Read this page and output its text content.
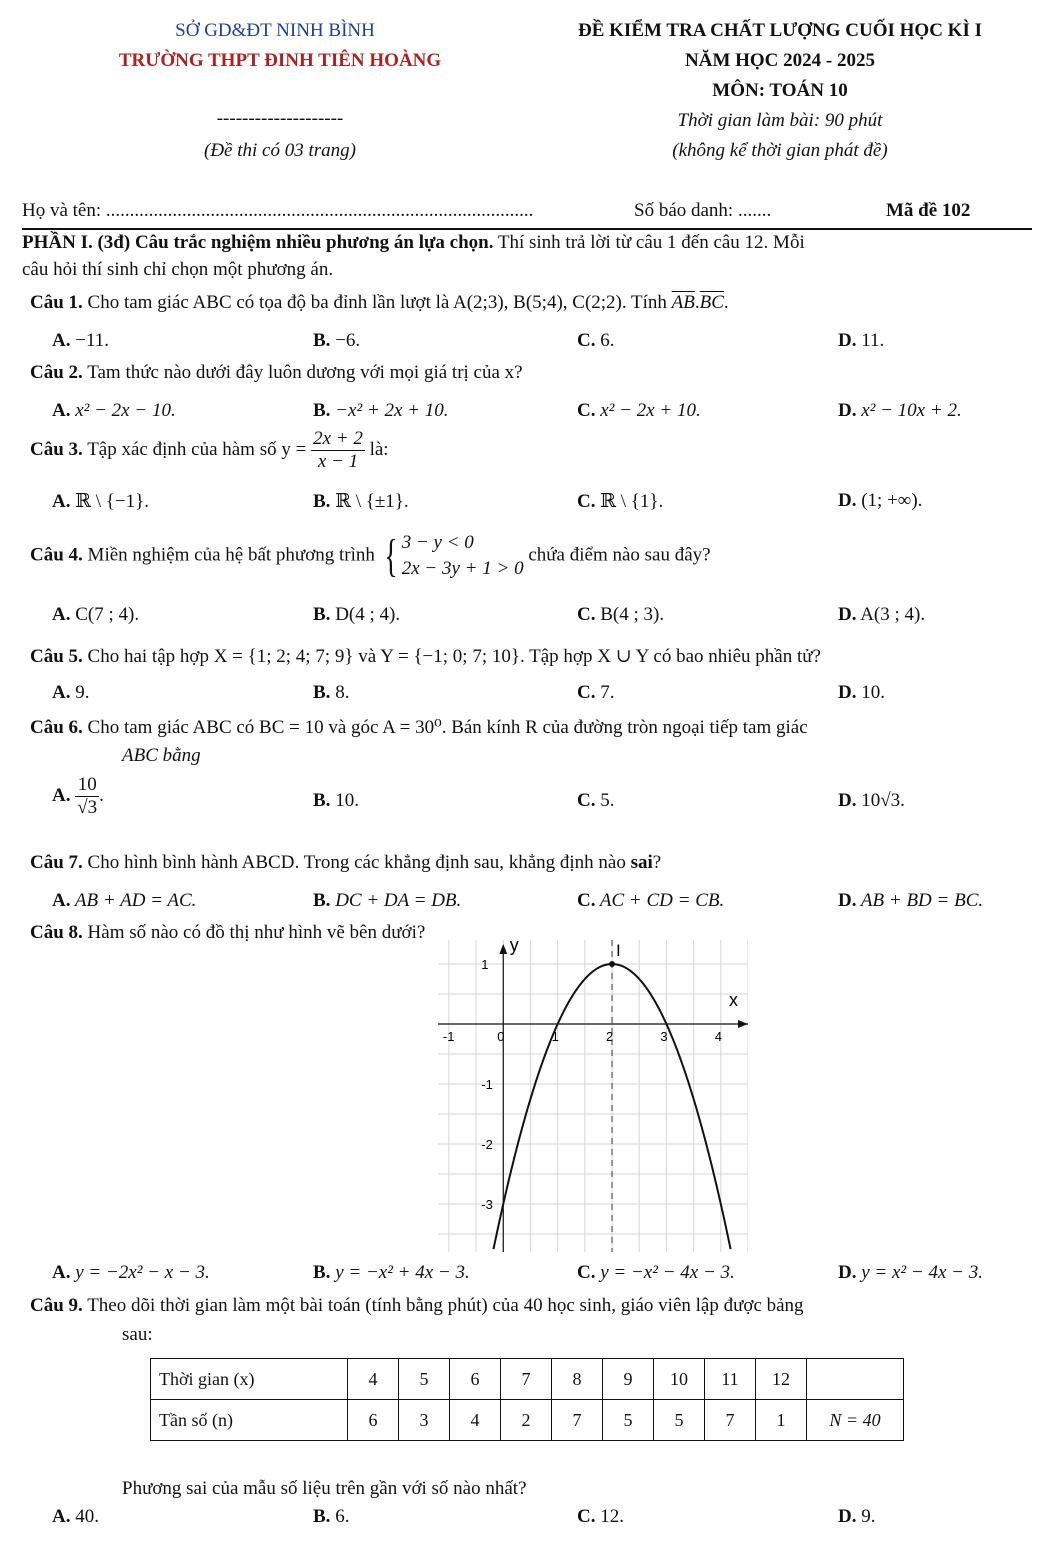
SỞ GD&ĐT NINH BÌNH
TRƯỜNG THPT ĐINH TIÊN HOÀNG
--------------------
(Đề thi có 03 trang)
ĐỀ KIỂM TRA CHẤT LƯỢNG CUỐI HỌC KÌ I
NĂM HỌC 2024 - 2025
MÔN: TOÁN 10
Thời gian làm bài: 90 phút
(không kể thời gian phát đề)
Họ và tên: ..........................................................................................	Số báo danh: .......	Mã đề 102
PHẦN I. (3đ) Câu trắc nghiệm nhiều phương án lựa chọn. Thí sinh trả lời từ câu 1 đến câu 12. Mỗi
câu hỏi thí sinh chỉ chọn một phương án.
Câu 1. Cho tam giác ABC có tọa độ ba đỉnh lần lượt là A(2;3), B(5;4), C(2;2). Tính $\overline{AB}.\overline{BC}$.
A. −11.	B. −6.	C. 6.	D. 11.
Câu 2. Tam thức nào dưới đây luôn dương với mọi giá trị của x?
A. x² − 2x − 10.	B. −x² + 2x + 10.	C. x² − 2x + 10.	D. x² − 10x + 2.
Câu 3. Tập xác định của hàm số $y = \frac{2x + 2}{x - 1}$ là:
A. ℝ \ {−1}.	B. ℝ \ {±1}.	C. ℝ \ {1}.	D. (1; +∞).
Câu 4. Miền nghiệm của hệ bất phương trình { 3 − y < 0
2x − 3y + 1 > 0
chứa điểm nào sau đây?
A. C(7 ; 4).	B. D(4 ; 4).	C. B(4 ; 3).	D. A(3 ; 4).
Câu 5. Cho hai tập hợp X = {1; 2; 4; 7; 9} và Y = {−1; 0; 7; 10}. Tập hợp X ∪ Y có bao nhiêu phần tử?
A. 9.	B. 8.	C. 7.	D. 10.
Câu 6. Cho tam giác ABC có BC = 10 và góc A = 30⁰. Bán kính R của đường tròn ngoại tiếp tam giác
ABC bằng
A. $\frac{10}{√3}$ .	B. 10.	C. 5.	D. 10√3.
Câu 7. Cho hình bình hành ABCD. Trong các khẳng định sau, khẳng định nào sai?
A. AB + AD = AC.	B. DC + DA = DB.	C. AC + CD = CB.	D. AB + BD = BC.
Câu 8. Hàm số nào có đồ thị như hình vẽ bên dưới?
x
y
-1	0	1	2	3	4
1
-1
-2
-3
I
A. y = −2x² − x − 3.	B. y = −x² + 4x − 3.	C. y = −x² − 4x − 3.	D. y = x² − 4x − 3.
Câu 9. Theo dõi thời gian làm một bài toán (tính bằng phút) của 40 học sinh, giáo viên lập được bảng
sau:
Thời gian (x)	4	5	6	7	8	9	10	11	12	
Tần số (n)	6	3	4	2	7	5	5	7	1	N = 40
Phương sai của mẫu số liệu trên gần với số nào nhất?
A. 40.	B. 6.	C. 12.	D. 9.
